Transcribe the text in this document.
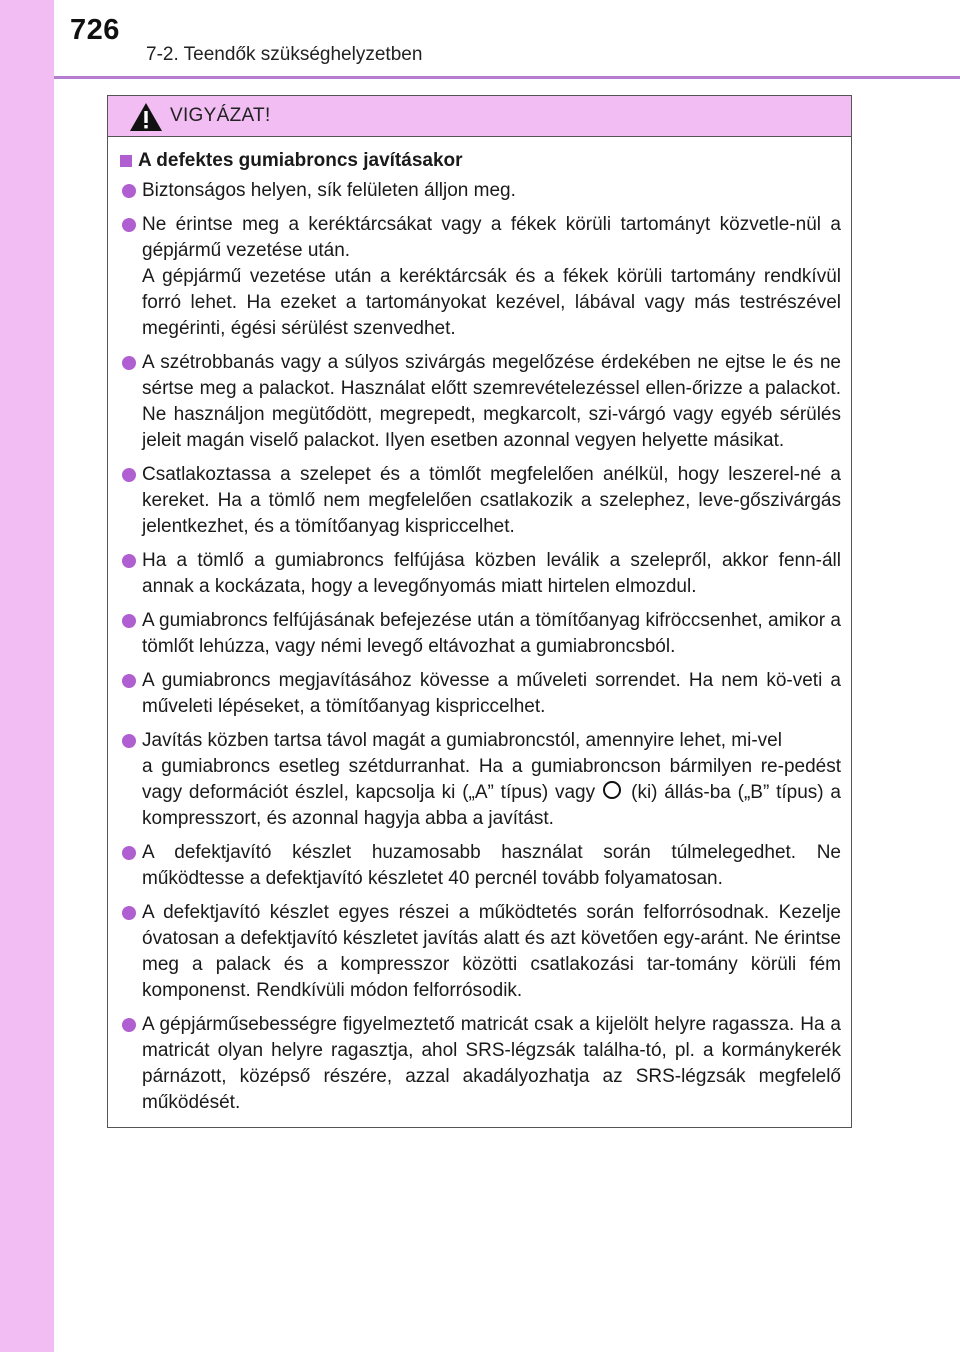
726
7-2. Teendők szükséghelyzetben
VIGYÁZAT!
A defektes gumiabroncs javításakor
Biztonságos helyen, sík felületen álljon meg.
Ne érintse meg a keréktárcsákat vagy a fékek körüli tartományt közvetle-nül a gépjármű vezetése után.
A gépjármű vezetése után a keréktárcsák és a fékek körüli tartomány rendkívül forró lehet. Ha ezeket a tartományokat kezével, lábával vagy más testrészével megérinti, égési sérülést szenvedhet.
A szétrobbanás vagy a súlyos szivárgás megelőzése érdekében ne ejtse le és ne sértse meg a palackot. Használat előtt szemrevételezéssel ellen-őrizze a palackot. Ne használjon megütődött, megrepedt, megkarcolt, szi-várgó vagy egyéb sérülés jeleit magán viselő palackot. Ilyen esetben azonnal vegyen helyette másikat.
Csatlakoztassa a szelepet és a tömlőt megfelelően anélkül, hogy leszerel-né a kereket. Ha a tömlő nem megfelelően csatlakozik a szelephez, leve-gőszivárgás jelentkezhet, és a tömítőanyag kispriccelhet.
Ha a tömlő a gumiabroncs felfújása közben leválik a szelepről, akkor fenn-áll annak a kockázata, hogy a levegőnyomás miatt hirtelen elmozdul.
A gumiabroncs felfújásának befejezése után a tömítőanyag kifröccsenhet, amikor a tömlőt lehúzza, vagy némi levegő eltávozhat a gumiabroncsból.
A gumiabroncs megjavításához kövesse a műveleti sorrendet. Ha nem kö-veti a műveleti lépéseket, a tömítőanyag kispriccelhet.
Javítás közben tartsa távol magát a gumiabroncstól, amennyire lehet, mi-vel
a gumiabroncs esetleg szétdurranhat. Ha a gumiabroncson bármilyen re-pedést vagy deformációt észlel, kapcsolja ki („A” típus) vagy (ki) állás-ba („B” típus) a kompresszort, és azonnal hagyja abba a javítást.
A defektjavító készlet huzamosabb használat során túlmelegedhet. Ne működtesse a defektjavító készletet 40 percnél tovább folyamatosan.
A defektjavító készlet egyes részei a működtetés során felforrósodnak. Kezelje óvatosan a defektjavító készletet javítás alatt és azt követően egy-aránt. Ne érintse meg a palack és a kompresszor közötti csatlakozási tar-tomány körüli fém komponenst. Rendkívüli módon felforrósodik.
A gépjárműsebességre figyelmeztető matricát csak a kijelölt helyre ragassza. Ha a matricát olyan helyre ragasztja, ahol SRS-légzsák találha-tó, pl. a kormánykerék párnázott, középső részére, azzal akadályozhatja az SRS-légzsák megfelelő működését.
